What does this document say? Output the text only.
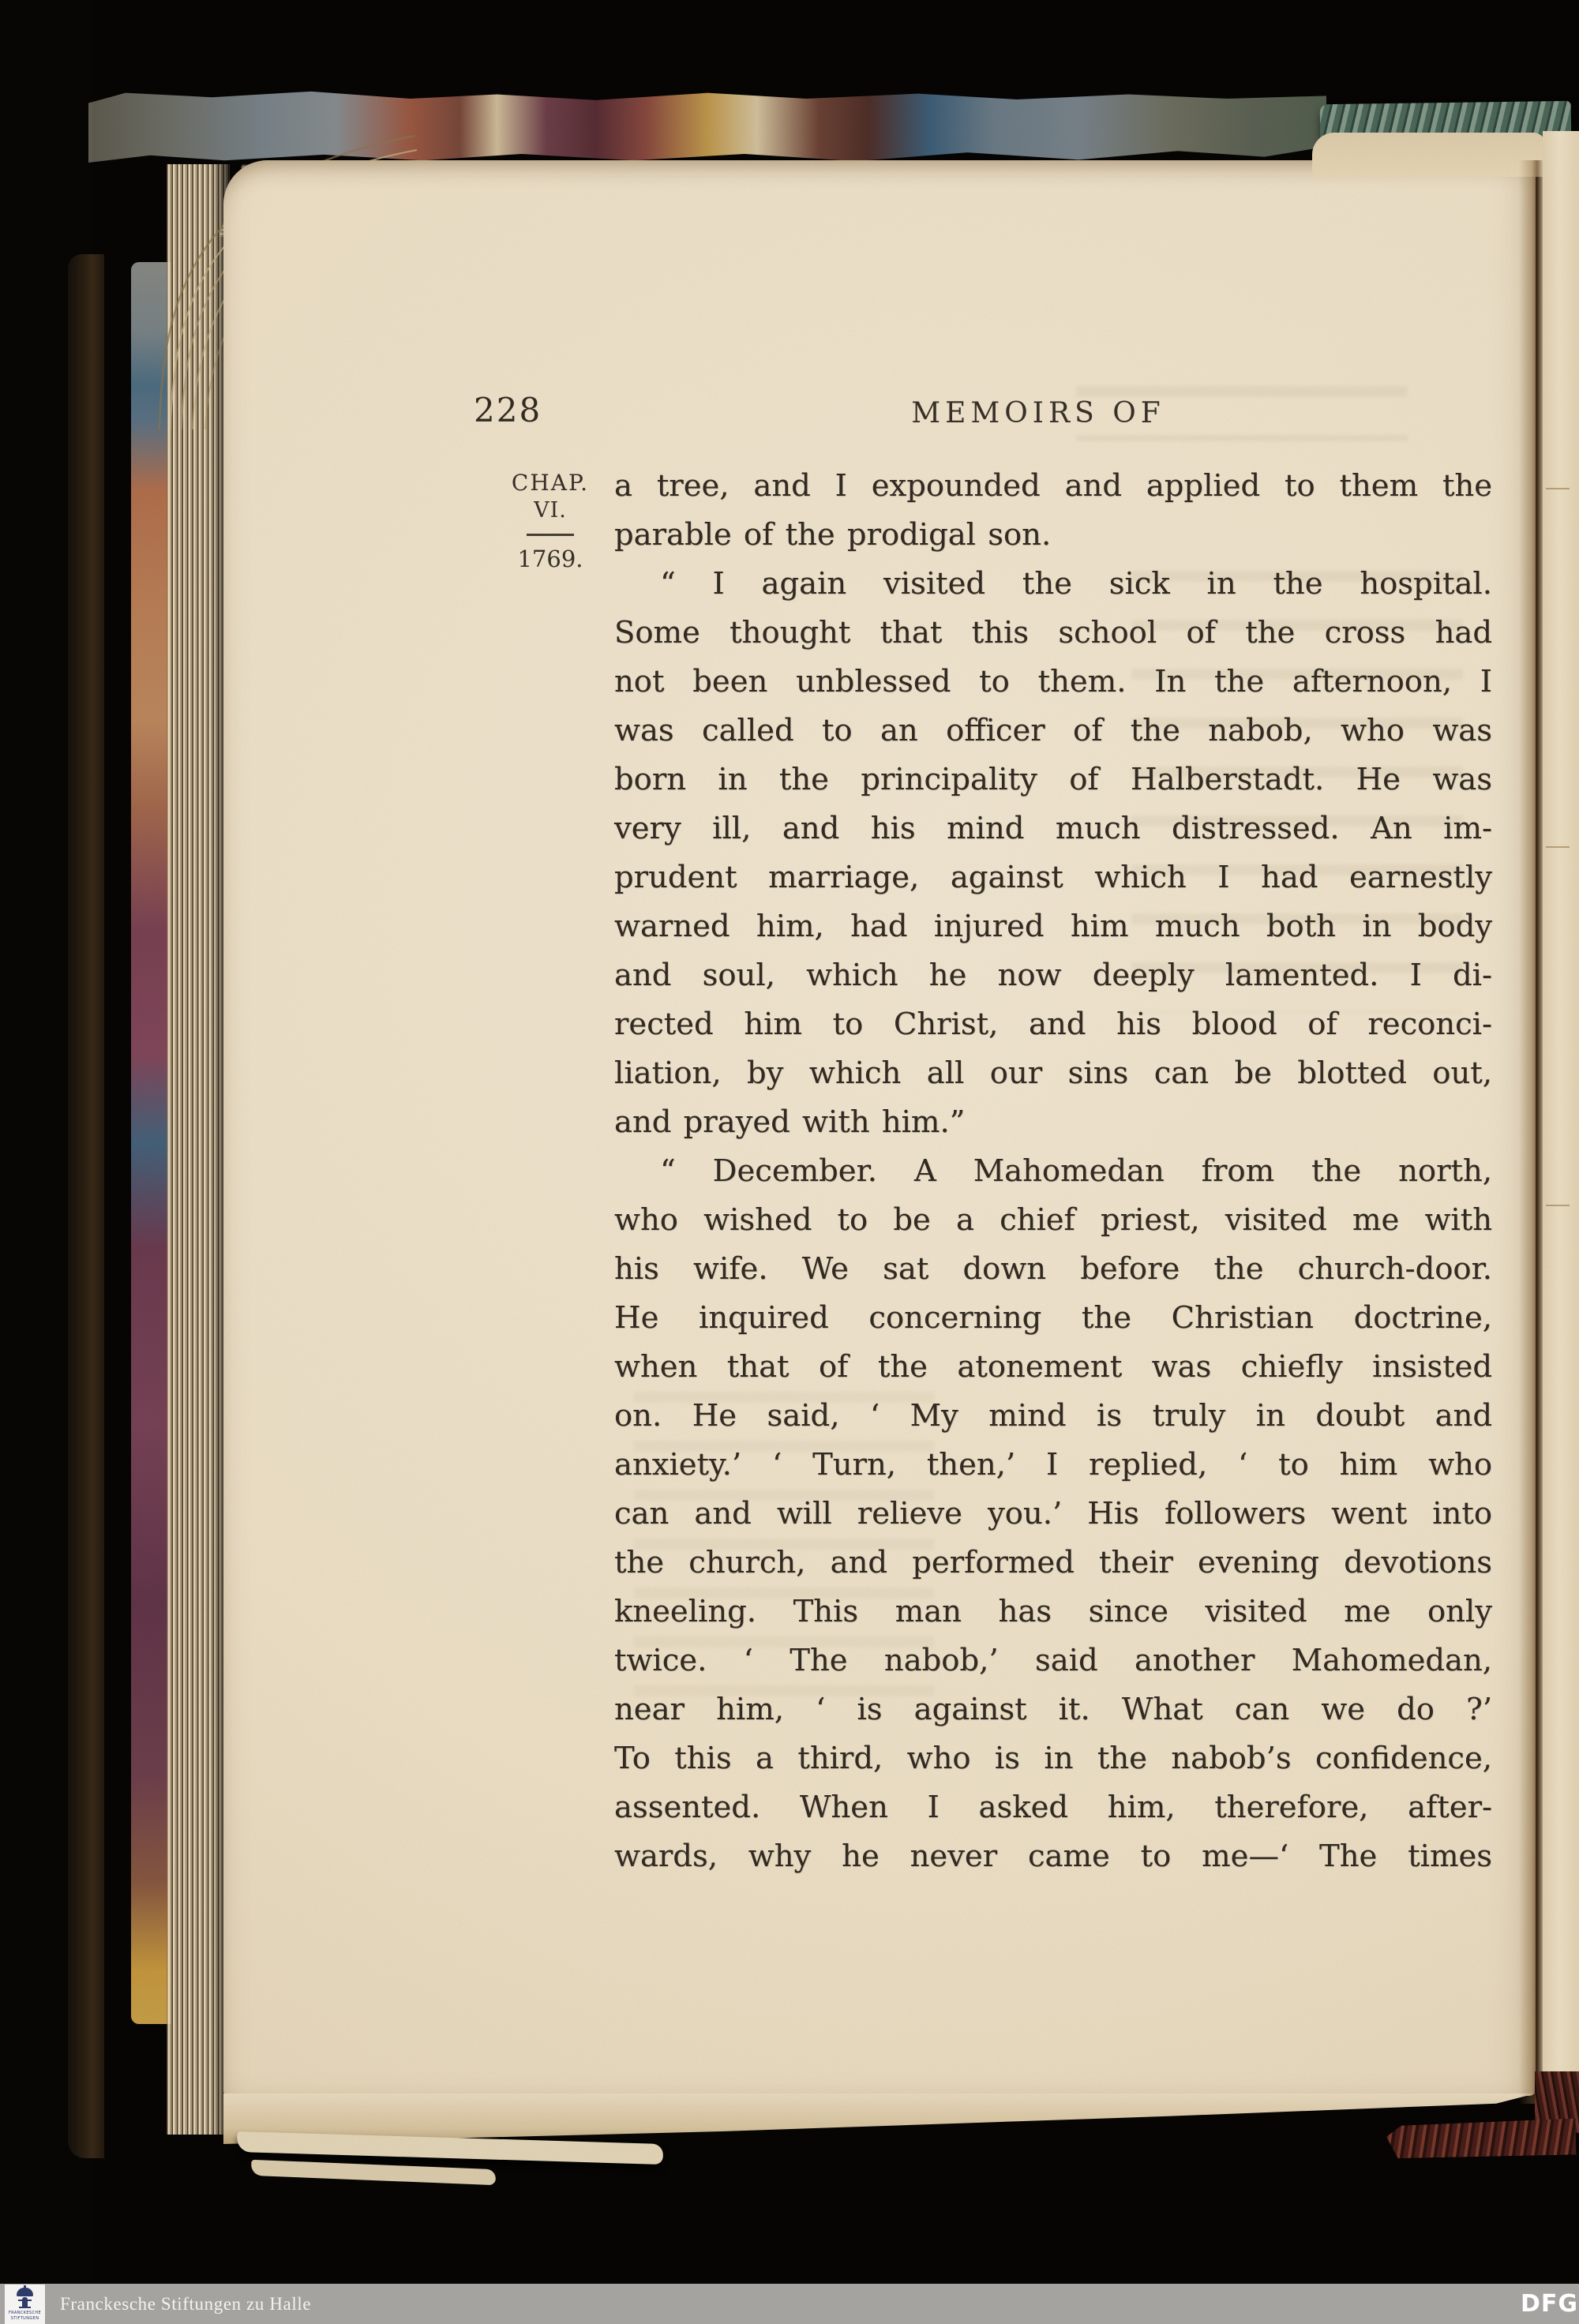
228	MEMOIRS OF
CHAP.
VI.
1769.
a tree, and I expounded and applied to them the
parable of the prodigal son.
“ I again visited the sick in the hospital.
Some thought that this school of the cross had
not been unblessed to them. In the afternoon, I
was called to an officer of the nabob, who was
born in the principality of Halberstadt. He was
very ill, and his mind much distressed. An im-
prudent marriage, against which I had earnestly
warned him, had injured him much both in body
and soul, which he now deeply lamented. I di-
rected him to Christ, and his blood of reconci-
liation, by which all our sins can be blotted out,
and prayed with him.”
“ December. A Mahomedan from the north,
who wished to be a chief priest, visited me with
his wife. We sat down before the church-door.
He inquired concerning the Christian doctrine,
when that of the atonement was chiefly insisted
on. He said, ‘ My mind is truly in doubt and
anxiety.’ ‘ Turn, then,’ I replied, ‘ to him who
can and will relieve you.’ His followers went into
the church, and performed their evening devotions
kneeling. This man has since visited me only
twice. ‘ The nabob,’ said another Mahomedan,
near him, ‘ is against it. What can we do ?’
To this a third, who is in the nabob’s confidence,
assented. When I asked him, therefore, after-
wards, why he never came to me—‘ The times
FRANCKESCHE
STIFTUNGEN
Franckesche Stiftungen zu Halle	DFG
